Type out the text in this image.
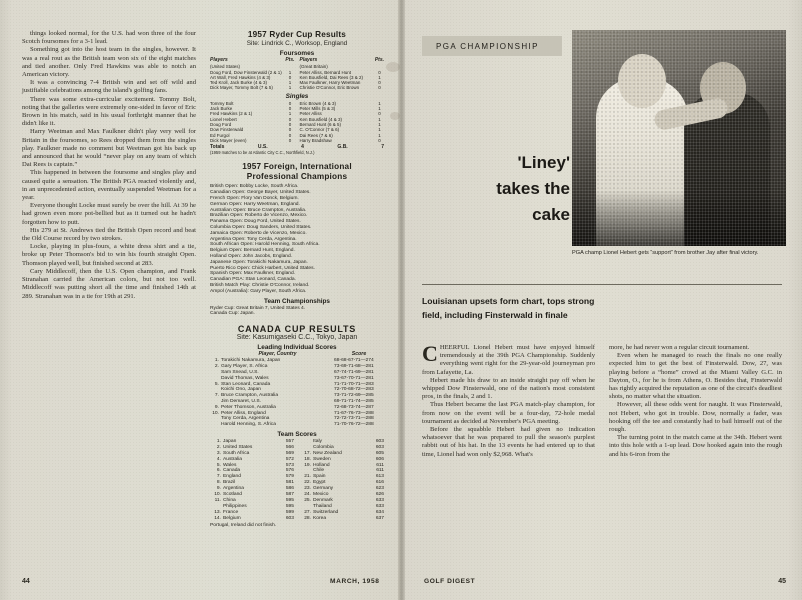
things looked normal, for the U.S. had won three of the four Scotch foursomes for a 3-1 lead.

Something got into the host team in the singles, however. It was a real rout as the British team won six of the eight matches and tied another. Only Fred Hawkins was able to notch an American victory.

It was a convincing 7-4 British win and set off wild and justifiable celebrations among the island's golfing fans.

There was some extra-curricular excitement. Tommy Bolt, noting that the galleries were extremely one-sided in favor of Eric Brown in his match, said in his usual forthright manner that he didn't like it.

Harry Weetman and Max Faulkner didn't play very well for Britain in the foursomes, so Rees dropped them from the singles play. Faulkner made no comment but Weetman got his back up and announced that he would “never play on any team of which Dai Rees is captain.”

This happened in between the foursome and singles play and caused quite a sensation. The British PGA reacted violently and, in an unprecedented action, eventually suspended Weetman for a year.

Everyone thought Locke must surely be over the hill. At 39 he had grown even more pot-bellied but as it turned out he hadn't forgotten how to putt.

His 279 at St. Andrews tied the British Open record and beat the Old Course record by two strokes.

Locke, playing in plus-fours, a white dress shirt and a tie, broke up Peter Thomson's bid to win his fourth straight Open. Thomson played well, but finished second at 283.

Cary Middlecoff, then the U.S. Open champion, and Frank Stranahan carried the American colors, but not too well. Middlecoff was putting short all the time and finished 14th at 289. Stranahan was in a tie for 19th at 291.

1957 Ryder Cup Results
Site: Lindrick C., Worksop, England
Foursomes
Players	Pts.
(United States)
Doug Ford, Dow Finsterwald (2 & 1)	1
Art Wall, Fred Hawkins (4 & 3)	0
Ted Kroll, Jack Burke (4 & 3)	1
Dick Mayer, Tommy Bolt (7 & 5)	1
Players	Pts.
(Great Britain)
Peter Alliss, Bernard Hunt	0
Ken Bousfield, Dai Rees (3 & 2)	1
Max Faulkner, Harry Weetman	0
Christie O'Connor, Eric Brown	0
Singles
Tommy Bolt	0
Jack Burke	0
Fred Hawkins (2 & 1)	1
Lionel Hebert	0
Doug Ford	0
Dow Finsterwald	0
Ed Furgol	0
Dick Mayer (even)	0
Eric Brown (4 & 3)	1
Peter Mills (5 & 3)	1
Peter Alliss	0
Ken Bousfield (4 & 3)	1
Bernard Hunt (6 & 5)	1
C. O'Connor (7 & 6)	1
Dai Rees (7 & 6)	1
Harry Bradshaw	0
Totals	U.S.	4	G.B.	7
(1959 matches to be at Atlantic City C.C., Northfield, N.J.)
1957 Foreign, International
Professional Champions
British Open: Bobby Locke, South Africa.
Canadian Open: George Bayer, United States.
French Open: Flory Van Donck, Belgium.
German Open: Harry Weetman, England.
Australian Open: Bruce Crampton, Australia.
Brazilian Open: Roberto de Vicenzo, Mexico.
Panama Open: Doug Ford, United States.
Columbia Open: Doug Sanders, United States.
Jamaica Open: Roberto de Vicenzo, Mexico.
Argentina Open: Tony Cerda, Argentina.
South African Open: Harold Henning, South Africa.
Belgium Open: Bernard Hunt, England.
Holland Open: John Jacobs, England.
Japanese Open: Torakichi Nakamura, Japan.
Puerto Rico Open: Chick Harbert, United States.
Spanish Open: Max Faulkner, England.
Canadian PGA: Stan Leonard, Canada.
British Match Play: Christie O'Connor, Ireland.
Ampol (Australia): Gary Player, South Africa.
Team Championships
Ryder Cup: Great Britain 7, United States 4.
Canada Cup: Japan.
CANADA CUP RESULTS
Site: Kasumigaseki C.C., Tokyo, Japan
Leading Individual Scores
Player, Country	Score
1. Torakichi Nakamura, Japan	68-68-67-71—274
2. Gary Player, S. Africa	73-69-71-68—281
Sam Snead, U.S.	67-74-71-69—281
David Thomas, Wales	73-67-70-71—281
5. Stan Leonard, Canada	71-71-70-71—283
Koichi Ono, Japan	72-70-68-72—283
7. Bruce Crampton, Australia	73-71-72-69—285
Jim Demaret, U.S.	69-71-71-74—285
9. Peter Thomson, Australia	72-68-73-74—287
10. Peter Alliss, England	71-67-76-73—288
Tony Cerda, Argentina	72-72-73-71—288
Harold Henning, S. Africa	71-70-76-72—288
Team Scores
1. Japan	557
2. United States	566
3. South Africa	569
4. Australia	572
5. Wales	573
6. Canada	576
7. England	579
8. Brazil	581
9. Argentina	586
10. Scotland	587
11. China	595
Philippines	595
13. France	599
14. Belgium	603
Italy	603
Colombia	603
17. New Zealand	605
18. Sweden	606
19. Holland	611
Chile	611
21. Spain	613
22. Egypt	616
23. Germany	623
24. Mexico	626
25. Denmark	633
Thailand	633
27. Switzerland	634
28. Korea	637
Portugal, Ireland did not finish.
44	MARCH, 1958
PGA CHAMPIONSHIP
'Liney'
takes the
cake
PGA champ Lionel Hebert gets “support” from brother Jay after final victory.
Louisianan upsets form chart, tops strong
field, including Finsterwald in finale

CHEERFUL Lionel Hebert must have enjoyed himself tremendously at the 39th PGA Championship. Suddenly everything went right for the 29-year-old journeyman pro from Lafayette, La.

Hebert made his draw to an inside straight pay off when he whipped Dow Finsterwald, one of the nation's most consistent pros, in the finals, 2 and 1.

Thus Hebert became the last PGA match-play champion, for from now on the event will be a four-day, 72-hole medal tournament as decided at November's PGA meeting.

Before the squabble Hebert had given no indication whatsoever that he was prepared to pull the season's purplest rabbit out of his hat. In the 13 events he had entered up to that time, Lionel had won only $2,968. What's

more, he had never won a regular circuit tournament.

Even when he managed to reach the finals no one really expected him to get the best of Finsterwald. Dow, 27, was playing before a “home” crowd at the Miami Valley G.C. in Dayton, O., for he is from Athens, O. Besides that, Finsterwald has rightly acquired the reputation as one of the circuit's deadliest shots, no matter what the situation.

However, all these odds went for naught. It was Finsterwald, not Hebert, who got in trouble. Dow, normally a fader, was hooking off the tee and constantly had to bail himself out of the rough.

The turning point in the match came at the 34th. Hebert went into this hole with a 1-up lead. Dow hooked again into the rough and his 6-iron from the

GOLF DIGEST	45
